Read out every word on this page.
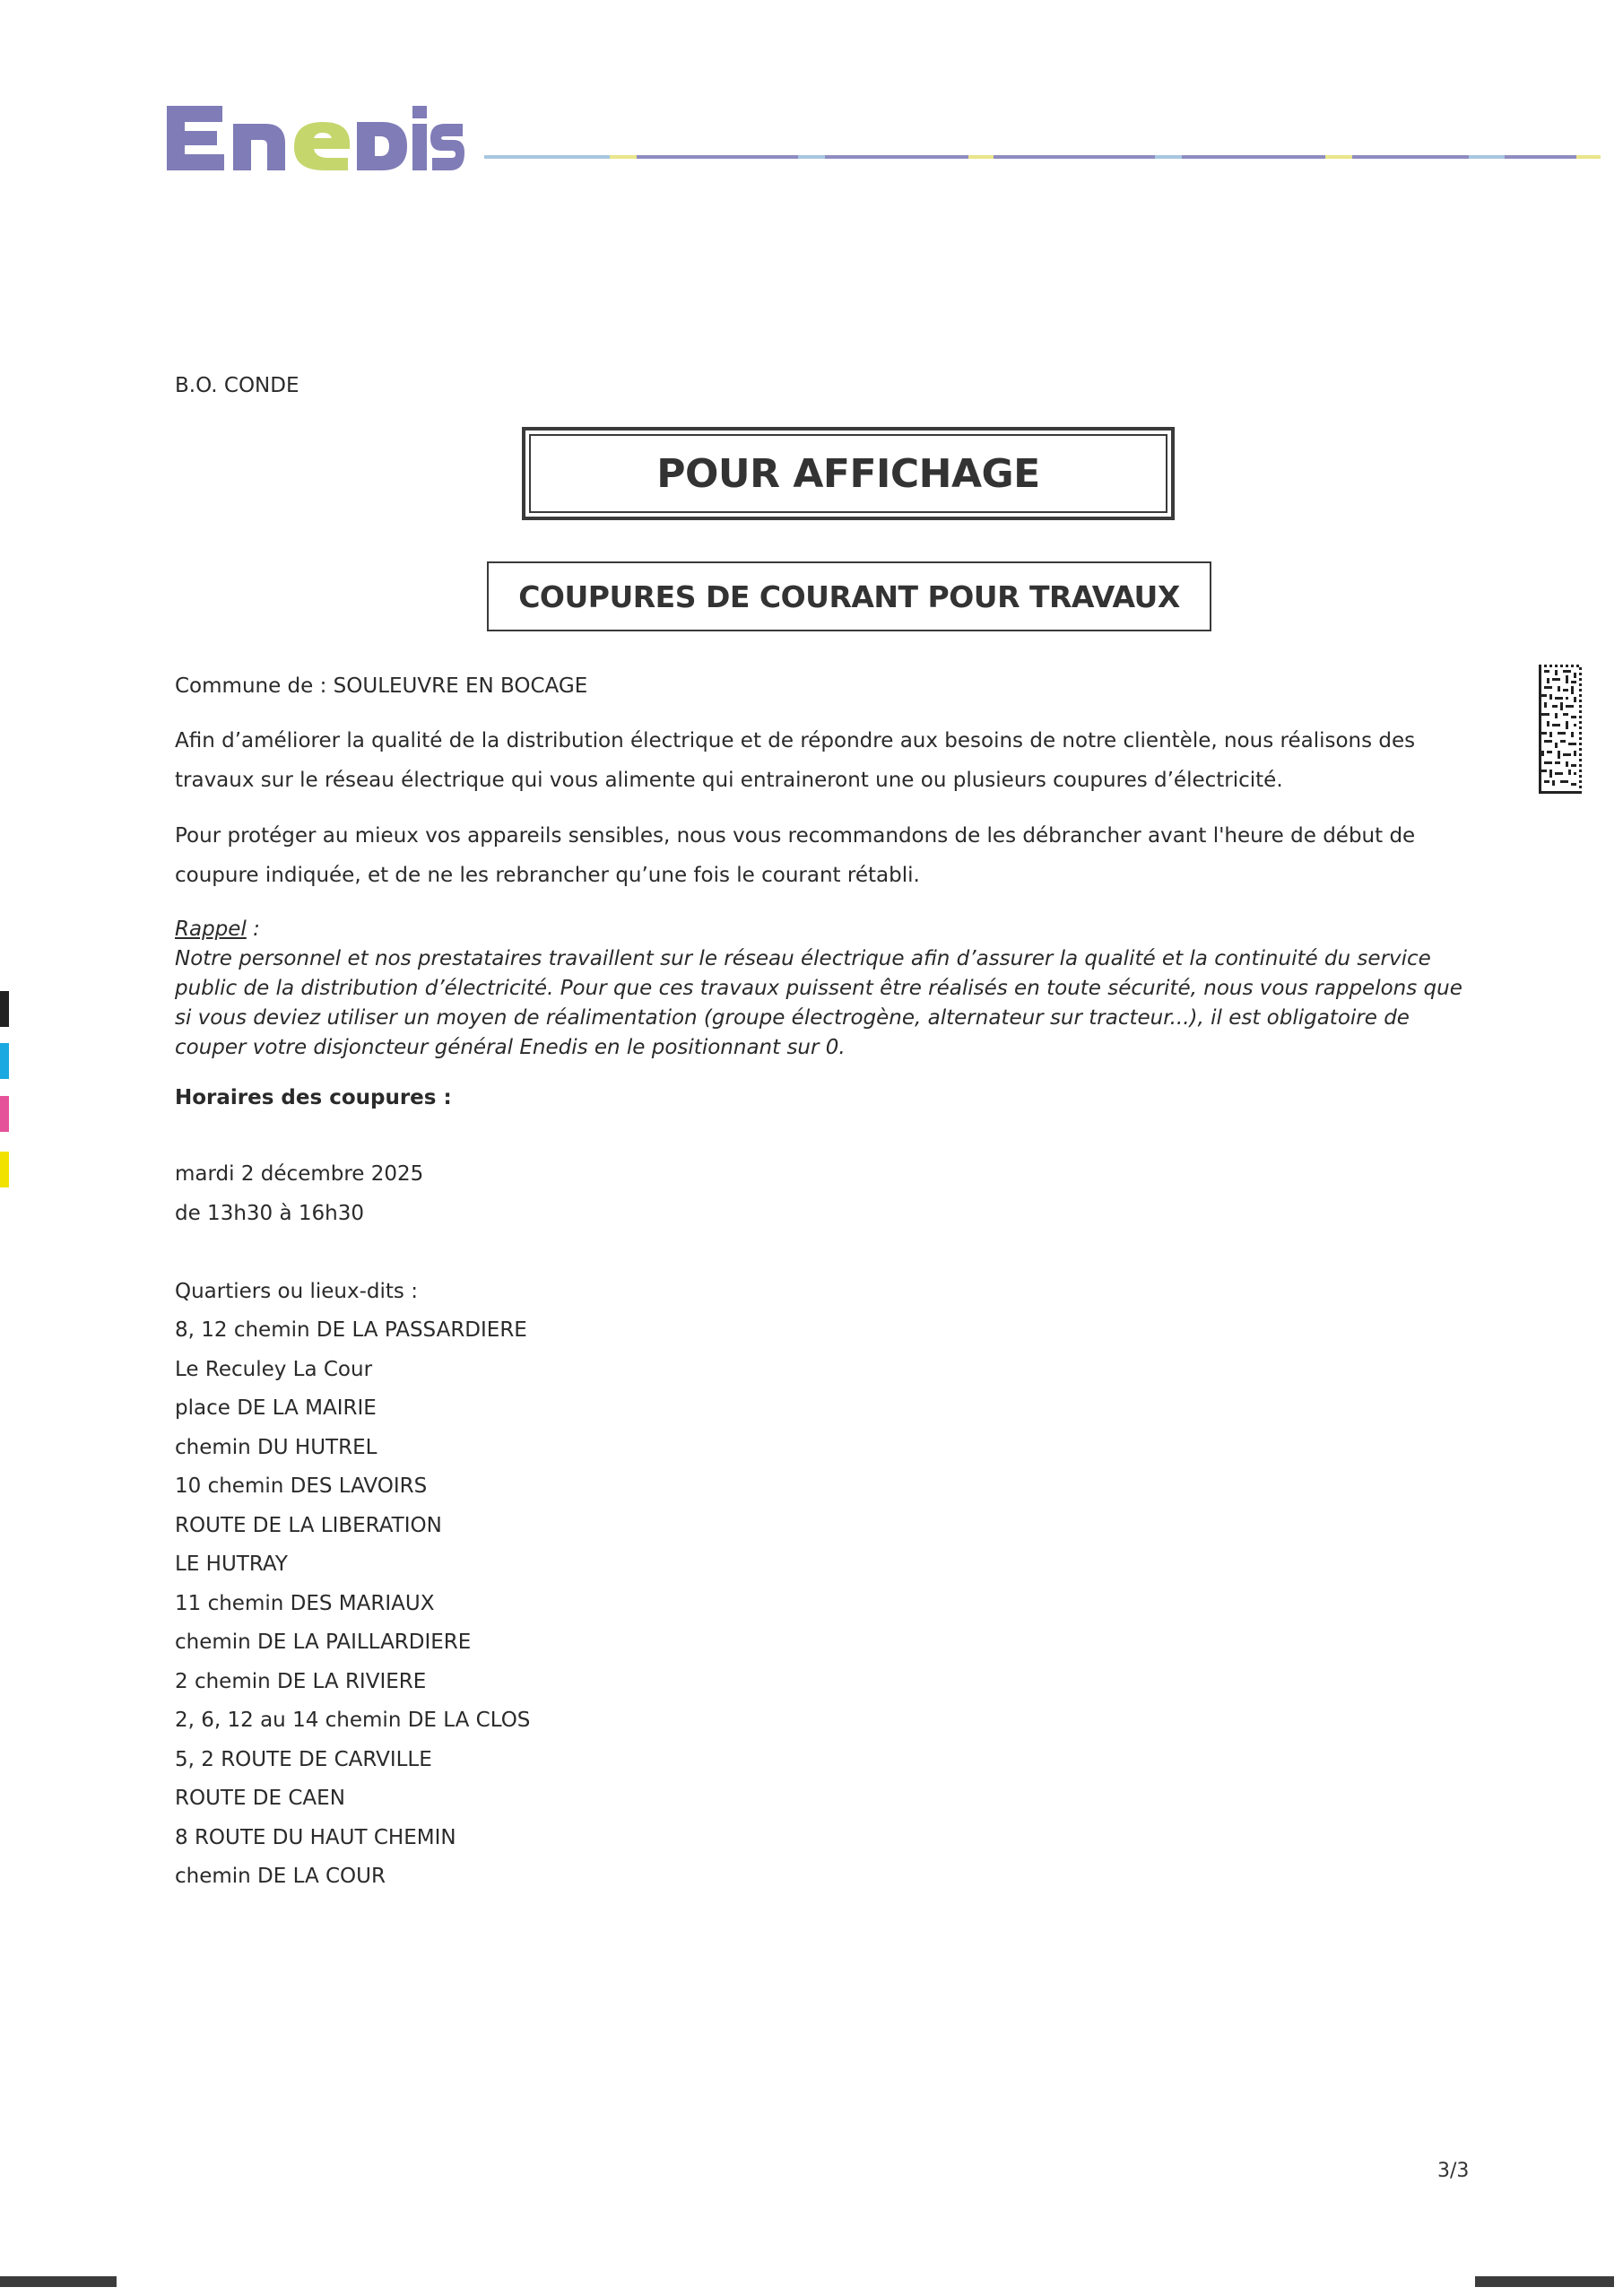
B.O. CONDE
POUR AFFICHAGE
COUPURES DE COURANT POUR TRAVAUX
Commune de : SOULEUVRE EN BOCAGE
Afin d’améliorer la qualité de la distribution électrique et de répondre aux besoins de notre clientèle, nous réalisons des travaux sur le réseau électrique qui vous alimente qui entraineront une ou plusieurs coupures d’électricité.
Pour protéger au mieux vos appareils sensibles, nous vous recommandons de les débrancher avant l'heure de début de coupure indiquée, et de ne les rebrancher qu’une fois le courant rétabli.
Rappel :
Notre personnel et nos prestataires travaillent sur le réseau électrique afin d’assurer la qualité et la continuité du service public de la distribution d’électricité. Pour que ces travaux puissent être réalisés en toute sécurité, nous vous rappelons que si vous deviez utiliser un moyen de réalimentation (groupe électrogène, alternateur sur tracteur...), il est obligatoire de couper votre disjoncteur général Enedis en le positionnant sur 0.
Horaires des coupures :
mardi 2 décembre 2025
de 13h30 à 16h30
Quartiers ou lieux-dits :
8, 12 chemin DE LA PASSARDIERE
Le Reculey La Cour
place DE LA MAIRIE
chemin DU HUTREL
10 chemin DES LAVOIRS
ROUTE DE LA LIBERATION
LE HUTRAY
11 chemin DES MARIAUX
chemin DE LA PAILLARDIERE
2 chemin DE LA RIVIERE
2, 6, 12 au 14 chemin DE LA CLOS
5, 2 ROUTE DE CARVILLE
ROUTE DE CAEN
8 ROUTE DU HAUT CHEMIN
chemin DE LA COUR
3/3
